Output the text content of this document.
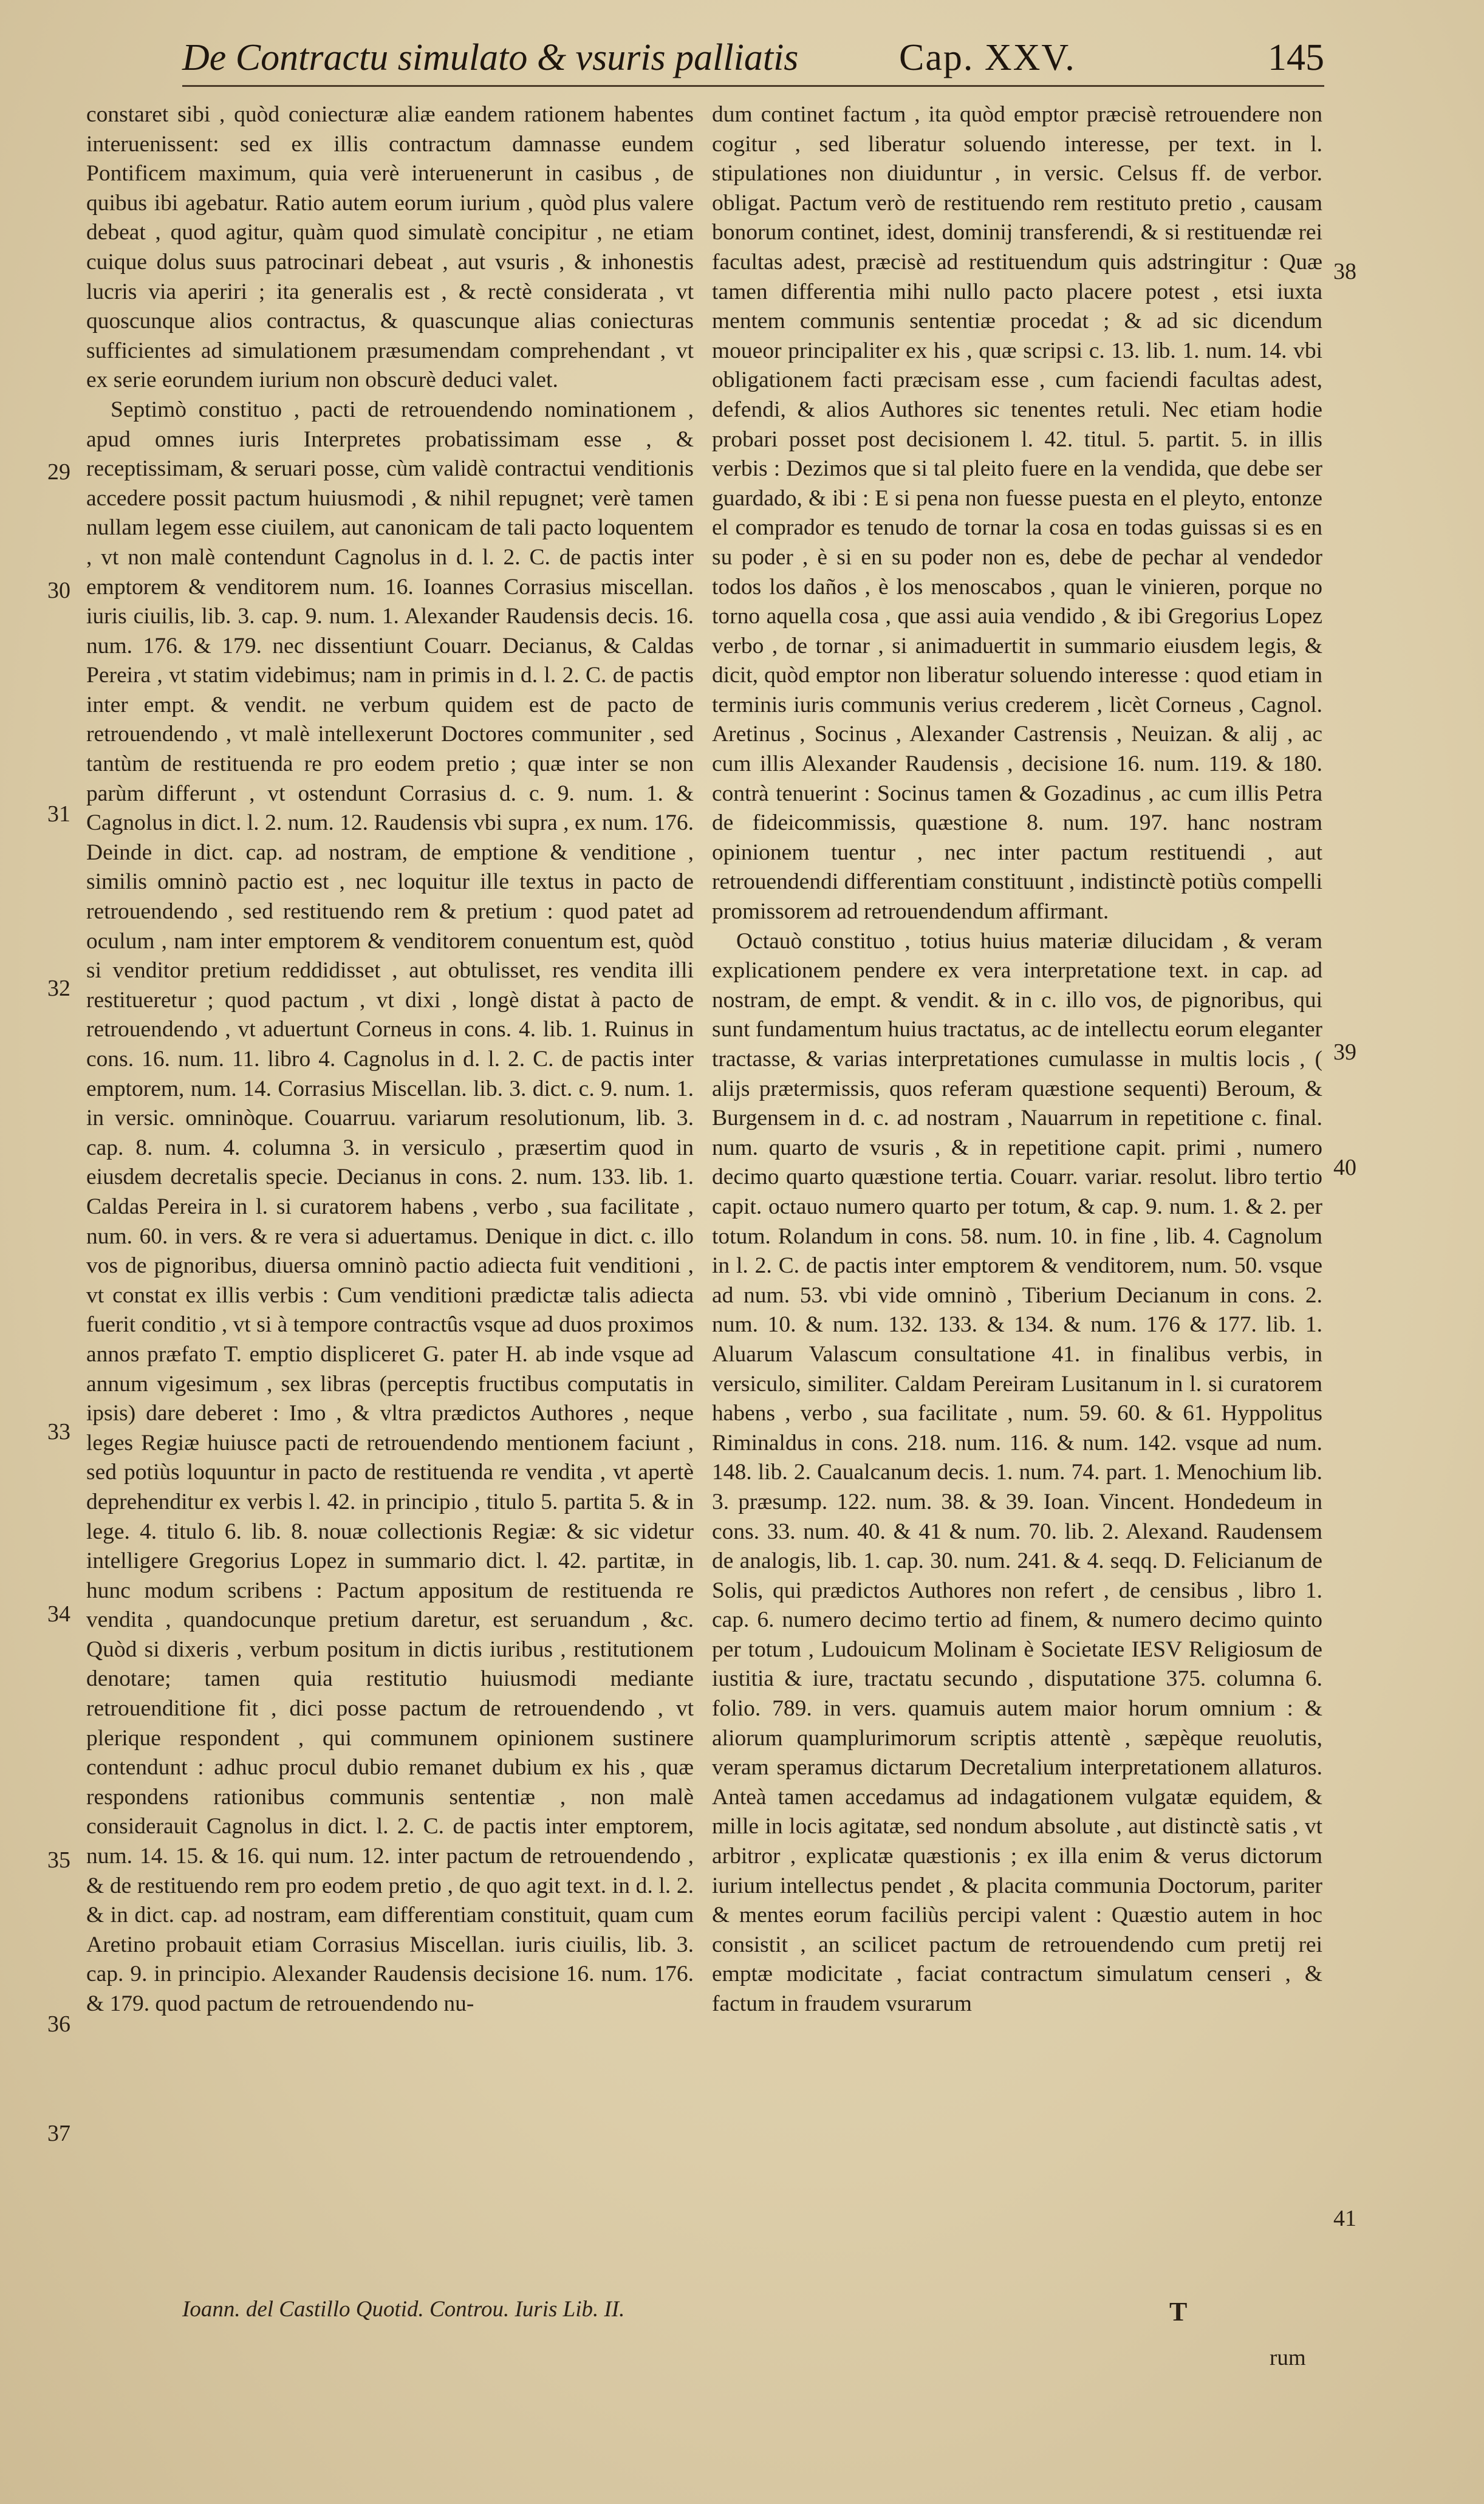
De Contractu simulato & vsuris palliatis	Cap. XXV.	145

constaret sibi , quòd coniecturæ aliæ eandem rationem habentes interuenissent: sed ex illis contractum damnasse eundem Pontificem maximum, quia verè interuenerunt in casibus , de quibus ibi agebatur. Ratio autem eorum iurium , quòd plus valere debeat , quod agitur, quàm quod simulatè concipitur , ne etiam cuique dolus suus patrocinari debeat , aut vsuris , & inhonestis lucris via aperiri ; ita generalis est , & rectè considerata , vt quoscunque alios contractus, & quascunque alias coniecturas sufficientes ad simulationem præsumendam comprehendant , vt ex serie eorundem iurium non obscurè deduci valet.

Septimò constituo , pacti de retrouendendo nominationem , apud omnes iuris Interpretes probatissimam esse , & receptissimam, & seruari posse, cùm validè contractui venditionis accedere possit pactum huiusmodi , & nihil repugnet; verè tamen nullam legem esse ciuilem, aut canonicam de tali pacto loquentem , vt non malè contendunt Cagnolus in d. l. 2. C. de pactis inter emptorem & venditorem num. 16. Ioannes Corrasius miscellan. iuris ciuilis, lib. 3. cap. 9. num. 1. Alexander Raudensis decis. 16. num. 176. & 179. nec dissentiunt Couarr. Decianus, & Caldas Pereira , vt statim videbimus; nam in primis in d. l. 2. C. de pactis inter empt. & vendit. ne verbum quidem est de pacto de retrouendendo , vt malè intellexerunt Doctores communiter , sed tantùm de restituenda re pro eodem pretio ; quæ inter se non parùm differunt , vt ostendunt Corrasius d. c. 9. num. 1. & Cagnolus in dict. l. 2. num. 12. Raudensis vbi supra , ex num. 176. Deinde in dict. cap. ad nostram, de emptione & venditione , similis omninò pactio est , nec loquitur ille textus in pacto de retrouendendo , sed restituendo rem & pretium : quod patet ad oculum , nam inter emptorem & venditorem conuentum est, quòd si venditor pretium reddidisset , aut obtulisset, res vendita illi restitueretur ; quod pactum , vt dixi , longè distat à pacto de retrouendendo , vt aduertunt Corneus in cons. 4. lib. 1. Ruinus in cons. 16. num. 11. libro 4. Cagnolus in d. l. 2. C. de pactis inter emptorem, num. 14. Corrasius Miscellan. lib. 3. dict. c. 9. num. 1. in versic. omninòque. Couarruu. variarum resolutionum, lib. 3. cap. 8. num. 4. columna 3. in versiculo , præsertim quod in eiusdem decretalis specie. Decianus in cons. 2. num. 133. lib. 1. Caldas Pereira in l. si curatorem habens , verbo , sua facilitate , num. 60. in vers. & re vera si aduertamus. Denique in dict. c. illo vos de pignoribus, diuersa omninò pactio adiecta fuit venditioni , vt constat ex illis verbis : Cum venditioni prædictæ talis adiecta fuerit conditio , vt si à tempore contractûs vsque ad duos proximos annos præfato T. emptio displiceret G. pater H. ab inde vsque ad annum vigesimum , sex libras (perceptis fructibus computatis in ipsis) dare deberet : Imo , & vltra prædictos Authores , neque leges Regiæ huiusce pacti de retrouendendo mentionem faciunt , sed potiùs loquuntur in pacto de restituenda re vendita , vt apertè deprehenditur ex verbis l. 42. in principio , titulo 5. partita 5. & in lege. 4. titulo 6. lib. 8. nouæ collectionis Regiæ: & sic videtur intelligere Gregorius Lopez in summario dict. l. 42. partitæ, in hunc modum scribens : Pactum appositum de restituenda re vendita , quandocunque pretium daretur, est seruandum , &c. Quòd si dixeris , verbum positum in dictis iuribus , restitutionem denotare; tamen quia restitutio huiusmodi mediante retrouenditione fit , dici posse pactum de retrouendendo , vt plerique respondent , qui communem opinionem sustinere contendunt : adhuc procul dubio remanet dubium ex his , quæ respondens rationibus communis sententiæ , non malè considerauit Cagnolus in dict. l. 2. C. de pactis inter emptorem, num. 14. 15. & 16. qui num. 12. inter pactum de retrouendendo , & de restituendo rem pro eodem pretio , de quo agit text. in d. l. 2. & in dict. cap. ad nostram, eam differentiam constituit, quam cum Aretino probauit etiam Corrasius Miscellan. iuris ciuilis, lib. 3. cap. 9. in principio. Alexander Raudensis decisione 16. num. 176. & 179. quod pactum de retrouendendo nu-

dum continet factum , ita quòd emptor præcisè retrouendere non cogitur , sed liberatur soluendo interesse, per text. in l. stipulationes non diuiduntur , in versic. Celsus ff. de verbor. obligat. Pactum verò de restituendo rem restituto pretio , causam bonorum continet, idest, dominij transferendi, & si restituendæ rei facultas adest, præcisè ad restituendum quis adstringitur : Quæ tamen differentia mihi nullo pacto placere potest , etsi iuxta mentem communis sententiæ procedat ; & ad sic dicendum moueor principaliter ex his , quæ scripsi c. 13. lib. 1. num. 14. vbi obligationem facti præcisam esse , cum faciendi facultas adest, defendi, & alios Authores sic tenentes retuli. Nec etiam hodie probari posset post decisionem l. 42. titul. 5. partit. 5. in illis verbis : Dezimos que si tal pleito fuere en la vendida, que debe ser guardado, & ibi : E si pena non fuesse puesta en el pleyto, entonze el comprador es tenudo de tornar la cosa en todas guissas si es en su poder , è si en su poder non es, debe de pechar al vendedor todos los daños , è los menoscabos , quan le vinieren, porque no torno aquella cosa , que assi auia vendido , & ibi Gregorius Lopez verbo , de tornar , si animaduertit in summario eiusdem legis, & dicit, quòd emptor non liberatur soluendo interesse : quod etiam in terminis iuris communis verius crederem , licèt Corneus , Cagnol. Aretinus , Socinus , Alexander Castrensis , Neuizan. & alij , ac cum illis Alexander Raudensis , decisione 16. num. 119. & 180. contrà tenuerint : Socinus tamen & Gozadinus , ac cum illis Petra de fideicommissis, quæstione 8. num. 197. hanc nostram opinionem tuentur , nec inter pactum restituendi , aut retrouendendi differentiam constituunt , indistinctè potiùs compelli promissorem ad retrouendendum affirmant.

Octauò constituo , totius huius materiæ dilucidam , & veram explicationem pendere ex vera interpretatione text. in cap. ad nostram, de empt. & vendit. & in c. illo vos, de pignoribus, qui sunt fundamentum huius tractatus, ac de intellectu eorum eleganter tractasse, & varias interpretationes cumulasse in multis locis , ( alijs prætermissis, quos referam quæstione sequenti) Beroum, & Burgensem in d. c. ad nostram , Nauarrum in repetitione c. final. num. quarto de vsuris , & in repetitione capit. primi , numero decimo quarto quæstione tertia. Couarr. variar. resolut. libro tertio capit. octauo numero quarto per totum, & cap. 9. num. 1. & 2. per totum. Rolandum in cons. 58. num. 10. in fine , lib. 4. Cagnolum in l. 2. C. de pactis inter emptorem & venditorem, num. 50. vsque ad num. 53. vbi vide omninò , Tiberium Decianum in cons. 2. num. 10. & num. 132. 133. & 134. & num. 176 & 177. lib. 1. Aluarum Valascum consultatione 41. in finalibus verbis, in versiculo, similiter. Caldam Pereiram Lusitanum in l. si curatorem habens , verbo , sua facilitate , num. 59. 60. & 61. Hyppolitus Riminaldus in cons. 218. num. 116. & num. 142. vsque ad num. 148. lib. 2. Caualcanum decis. 1. num. 74. part. 1. Menochium lib. 3. præsump. 122. num. 38. & 39. Ioan. Vincent. Hondedeum in cons. 33. num. 40. & 41 & num. 70. lib. 2. Alexand. Raudensem de analogis, lib. 1. cap. 30. num. 241. & 4. seqq. D. Felicianum de Solis, qui prædictos Authores non refert , de censibus , libro 1. cap. 6. numero decimo tertio ad finem, & numero decimo quinto per totum , Ludouicum Molinam è Societate IESV Religiosum de iustitia & iure, tractatu secundo , disputatione 375. columna 6. folio. 789. in vers. quamuis autem maior horum omnium : & aliorum quamplurimorum scriptis attentè , sæpèque reuolutis, veram speramus dictarum Decretalium interpretationem allaturos. Anteà tamen accedamus ad indagationem vulgatæ equidem, & mille in locis agitatæ, sed nondum absolute , aut distinctè satis , vt arbitror , explicatæ quæstionis ; ex illa enim & verus dictorum iurium intellectus pendet , & placita communia Doctorum, pariter & mentes eorum faciliùs percipi valent : Quæstio autem in hoc consistit , an scilicet pactum de retrouendendo cum pretij rei emptæ modicitate , faciat contractum simulatum censeri , & factum in fraudem vsurarum

29
30
31
32
33
34
35
36
37
38
39
40
41
Ioann. del Castillo Quotid. Controu. Iuris Lib. II.	T
rum
